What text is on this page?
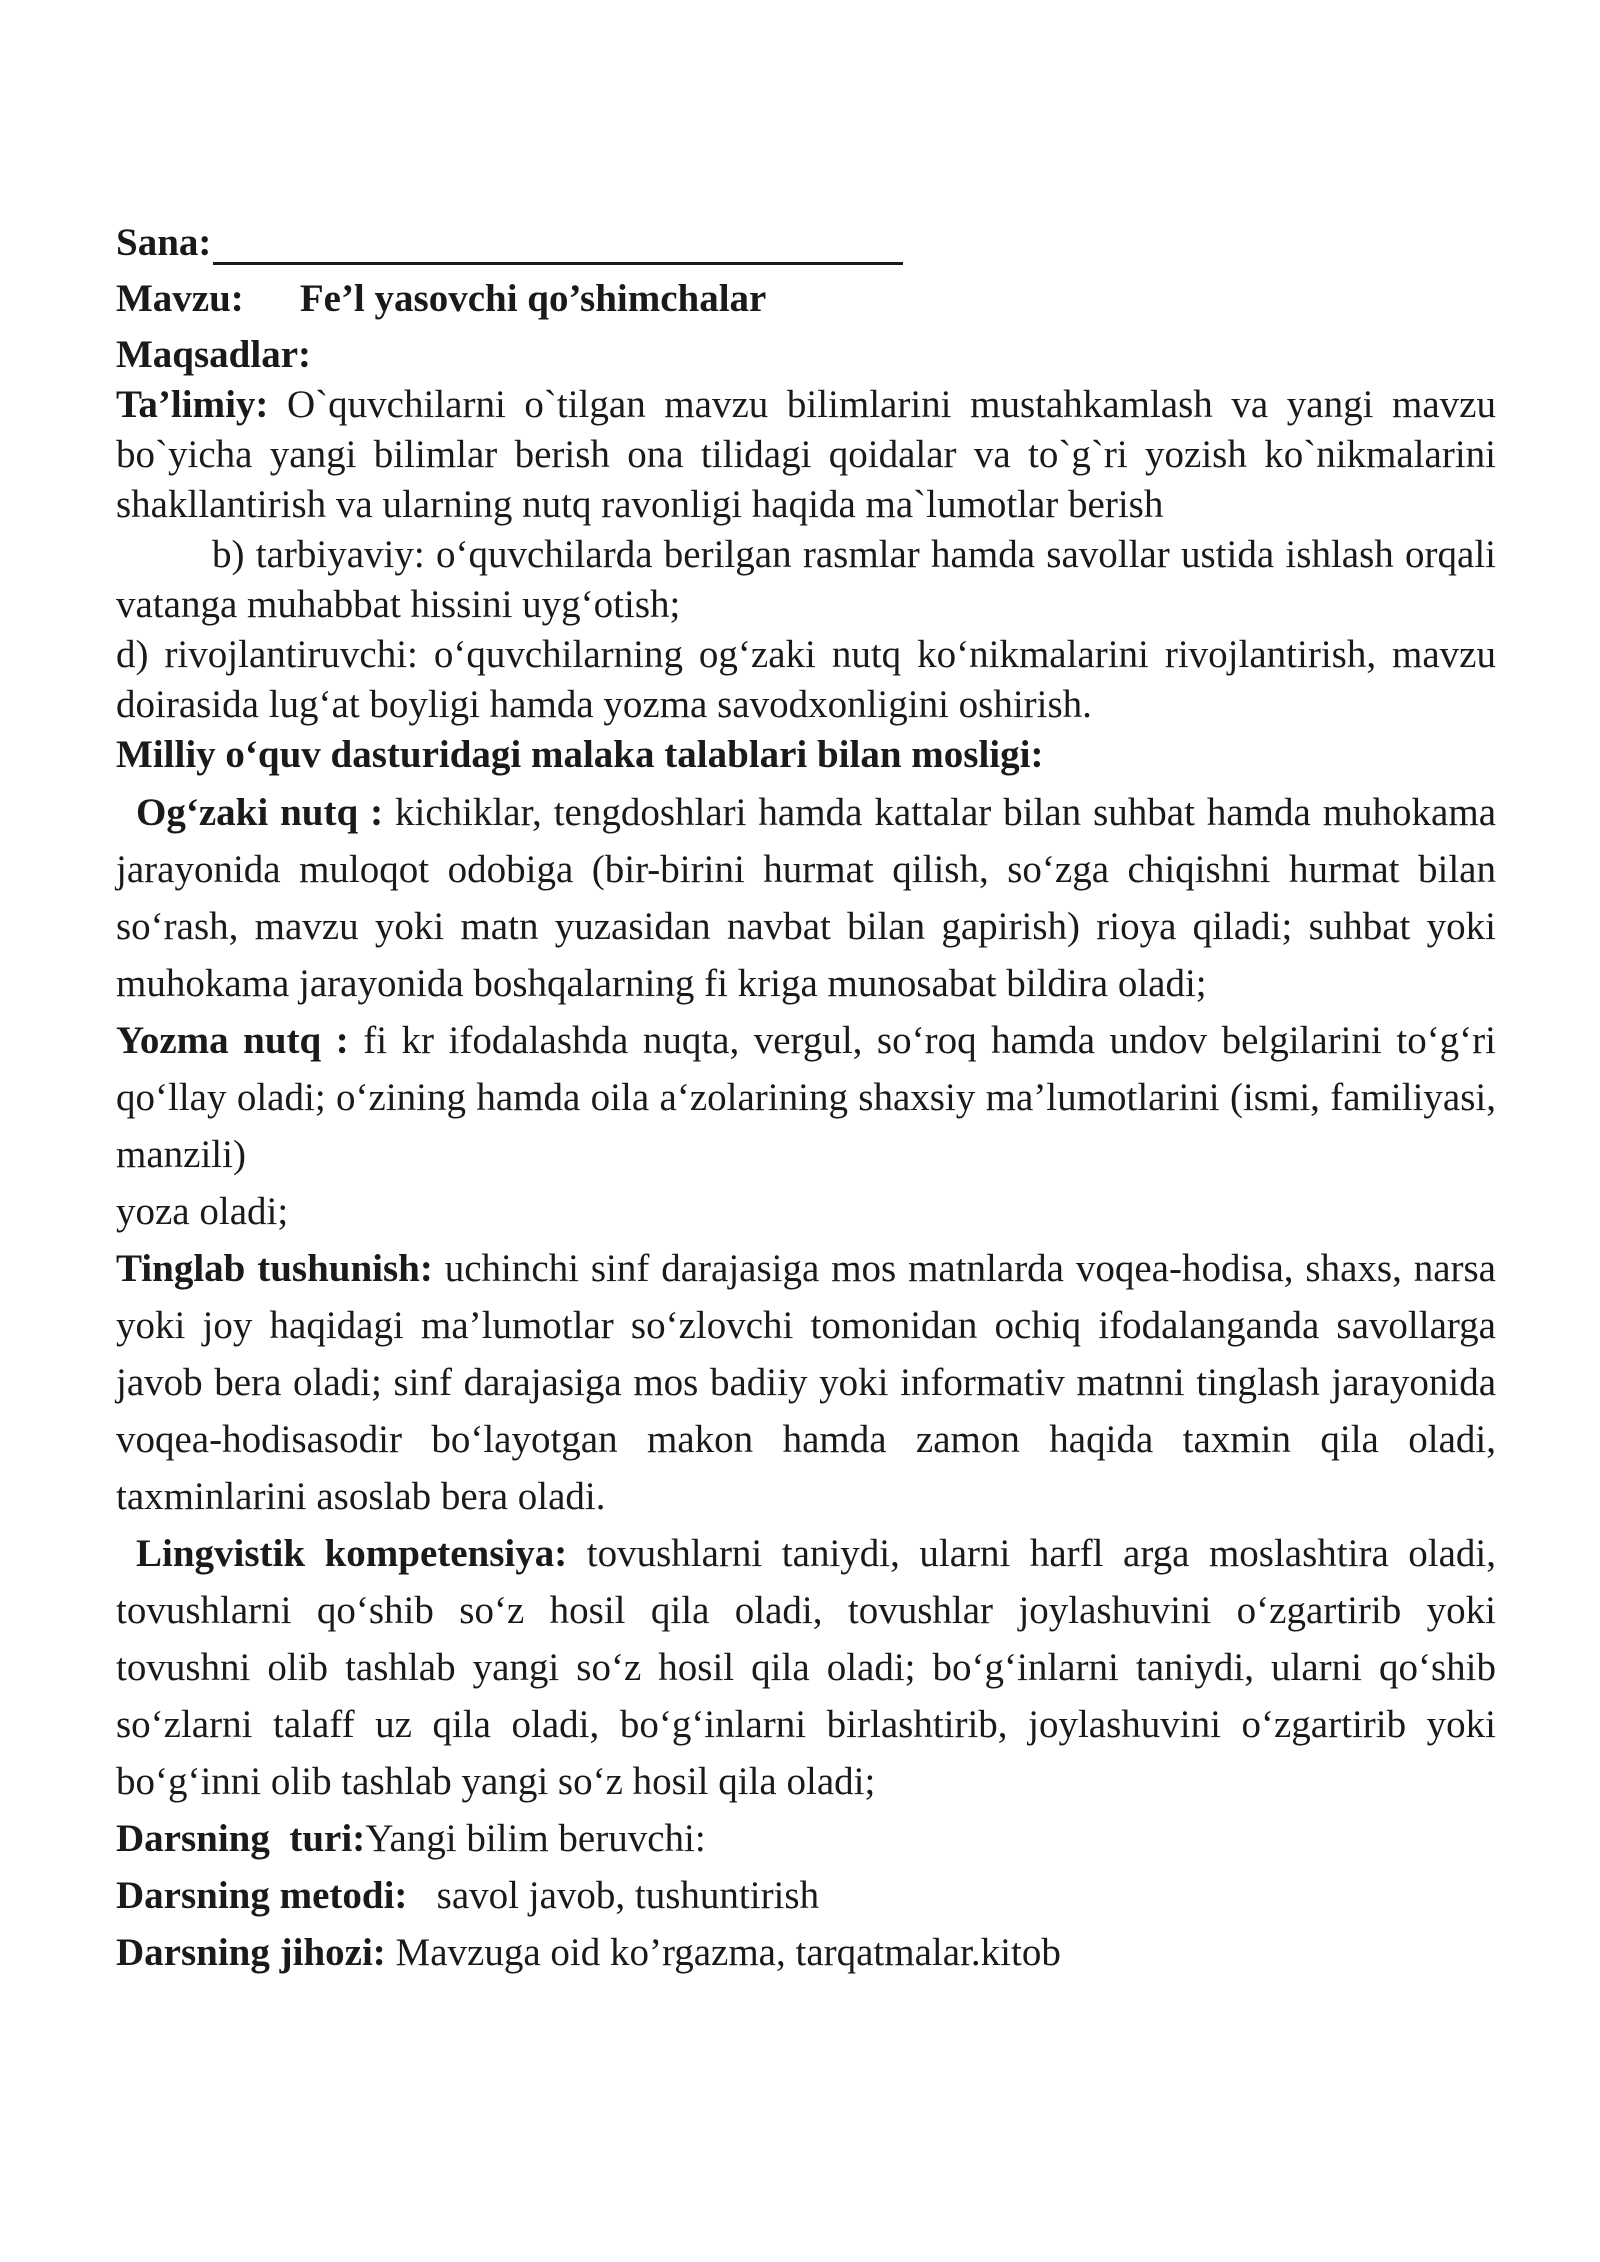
Sana:
Mavzu: Fe’l yasovchi qo’shimchalar
Maqsadlar:

Ta’limiy: O`quvchilarni o`tilgan mavzu bilimlarini mustahkamlash va yangi mavzu bo`yicha yangi bilimlar berish ona tilidagi qoidalar va to`g`ri yozish ko`nikmalarini shakllantirish va ularning nutq ravonligi haqida ma`lumotlar berish

b) tarbiyaviy: o‘quvchilarda berilgan rasmlar hamda savollar ustida ishlash orqali vatanga muhabbat hissini uyg‘otish;

d) rivojlantiruvchi: o‘quvchilarning og‘zaki nutq ko‘nikmalarini rivojlantirish, mavzu doirasida lug‘at boyligi hamda yozma savodxonligini oshirish.

Milliy o‘quv dasturidagi malaka talablari bilan mosligi:

Og‘zaki nutq : kichiklar, tengdoshlari hamda kattalar bilan suhbat hamda muhokama jarayonida muloqot odobiga (bir-birini hurmat qilish, so‘zga chiqishni hurmat bilan so‘rash, mavzu yoki matn yuzasidan navbat bilan gapirish) rioya qiladi; suhbat yoki muhokama jarayonida boshqalarning fi kriga munosabat bildira oladi;

Yozma nutq : fi kr ifodalashda nuqta, vergul, so‘roq hamda undov belgilarini to‘g‘ri qo‘llay oladi; o‘zining hamda oila a‘zolarining shaxsiy ma’lumotlarini (ismi, familiyasi, manzili)

yoza oladi;

Tinglab tushunish: uchinchi sinf darajasiga mos matnlarda voqea-hodisa, shaxs, narsa yoki joy haqidagi ma’lumotlar so‘zlovchi tomonidan ochiq ifodalanganda savollarga javob bera oladi; sinf darajasiga mos badiiy yoki informativ matnni tinglash jarayonida voqea-hodisasodir bo‘layotgan makon hamda zamon haqida taxmin qila oladi, taxminlarini asoslab bera oladi.

Lingvistik kompetensiya: tovushlarni taniydi, ularni harfl arga moslashtira oladi, tovushlarni qo‘shib so‘z hosil qila oladi, tovushlar joylashuvini o‘zgartirib yoki tovushni olib tashlab yangi so‘z hosil qila oladi; bo‘g‘inlarni taniydi, ularni qo‘shib so‘zlarni talaff uz qila oladi, bo‘g‘inlarni birlashtirib, joylashuvini o‘zgartirib yoki bo‘g‘inni olib tashlab yangi so‘z hosil qila oladi;

Darsning  turi:Yangi bilim beruvchi:
Darsning metodi:   savol javob, tushuntirish
Darsning jihozi: Mavzuga oid ko’rgazma, tarqatmalar.kitob
